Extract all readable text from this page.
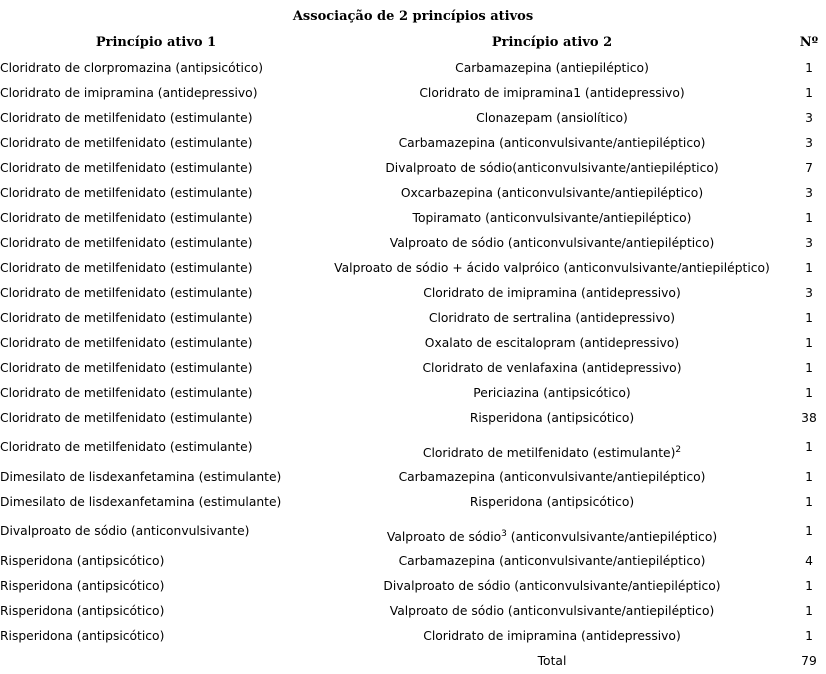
Associação de 2 princípios ativos
Princípio ativo 1	Princípio ativo 2	Nº
Cloridrato de clorpromazina (antipsicótico)	Carbamazepina (antiepiléptico)	1
Cloridrato de imipramina (antidepressivo)	Cloridrato de imipramina1 (antidepressivo)	1
Cloridrato de metilfenidato (estimulante)	Clonazepam (ansiolítico)	3
Cloridrato de metilfenidato (estimulante)	Carbamazepina (anticonvulsivante/antiepiléptico)	3
Cloridrato de metilfenidato (estimulante)	Divalproato de sódio(anticonvulsivante/antiepiléptico)	7
Cloridrato de metilfenidato (estimulante)	Oxcarbazepina (anticonvulsivante/antiepiléptico)	3
Cloridrato de metilfenidato (estimulante)	Topiramato (anticonvulsivante/antiepiléptico)	1
Cloridrato de metilfenidato (estimulante)	Valproato de sódio (anticonvulsivante/antiepiléptico)	3
Cloridrato de metilfenidato (estimulante)	Valproato de sódio + ácido valpróico (anticonvulsivante/antiepiléptico)	1
Cloridrato de metilfenidato (estimulante)	Cloridrato de imipramina (antidepressivo)	3
Cloridrato de metilfenidato (estimulante)	Cloridrato de sertralina (antidepressivo)	1
Cloridrato de metilfenidato (estimulante)	Oxalato de escitalopram (antidepressivo)	1
Cloridrato de metilfenidato (estimulante)	Cloridrato de venlafaxina (antidepressivo)	1
Cloridrato de metilfenidato (estimulante)	Periciazina (antipsicótico)	1
Cloridrato de metilfenidato (estimulante)	Risperidona (antipsicótico)	38
Cloridrato de metilfenidato (estimulante)	Cloridrato de metilfenidato (estimulante)$^2$	1
Dimesilato de lisdexanfetamina (estimulante)	Carbamazepina (anticonvulsivante/antiepiléptico)	1
Dimesilato de lisdexanfetamina (estimulante)	Risperidona (antipsicótico)	1
Divalproato de sódio (anticonvulsivante)	Valproato de sódio$^3$ (anticonvulsivante/antiepiléptico)	1
Risperidona (antipsicótico)	Carbamazepina (anticonvulsivante/antiepiléptico)	4
Risperidona (antipsicótico)	Divalproato de sódio (anticonvulsivante/antiepiléptico)	1
Risperidona (antipsicótico)	Valproato de sódio (anticonvulsivante/antiepiléptico)	1
Risperidona (antipsicótico)	Cloridrato de imipramina (antidepressivo)	1
	Total	79
